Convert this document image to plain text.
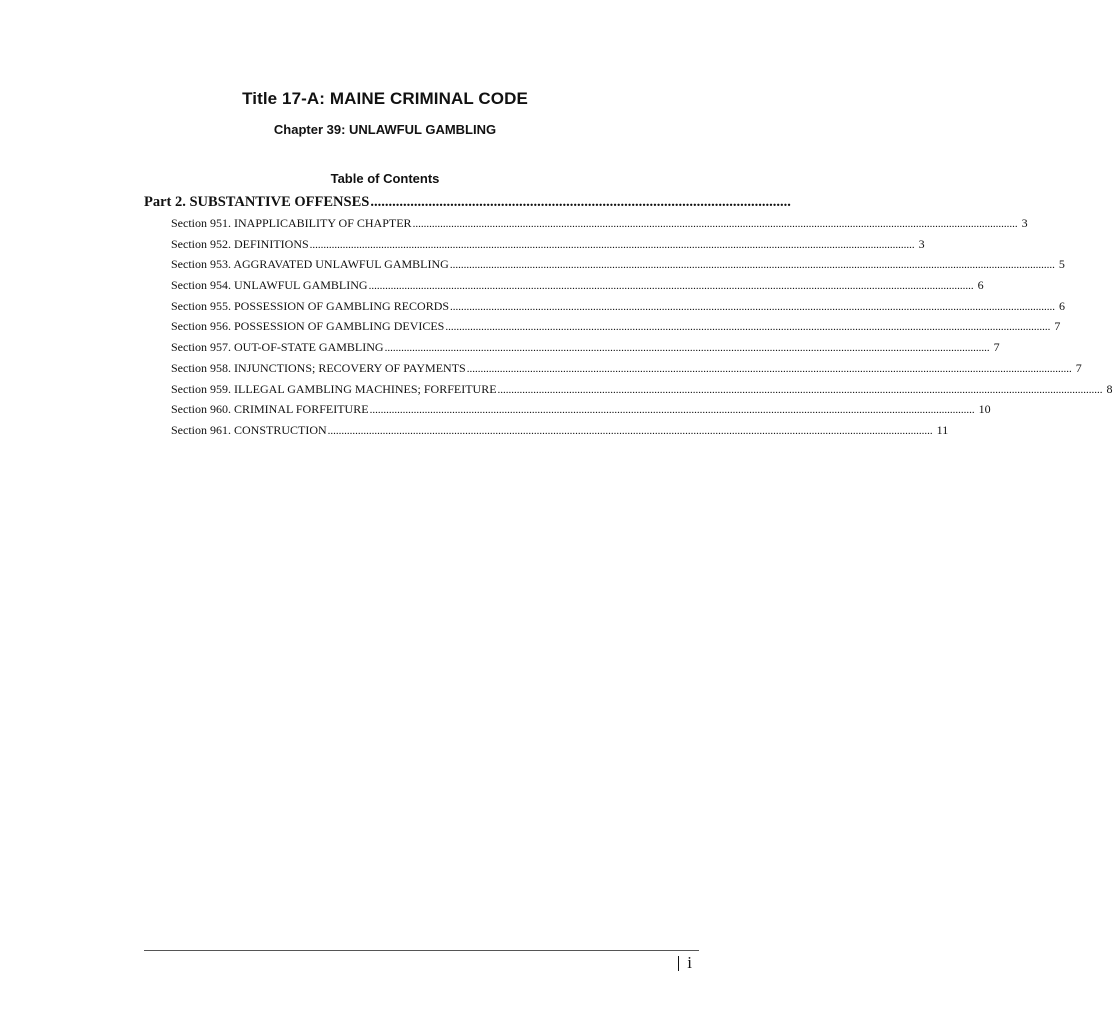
Title 17-A: MAINE CRIMINAL CODE
Chapter 39: UNLAWFUL GAMBLING
Table of Contents
Part 2. SUBSTANTIVE OFFENSES ....................................................................................................................
Section 951. INAPPLICABILITY OF CHAPTER ............................................................................................................................................................................................................................ 3
Section 952. DEFINITIONS ............................................................................................................................................................................................................................ 3
Section 953. AGGRAVATED UNLAWFUL GAMBLING ............................................................................................................................................................................................................................ 5
Section 954. UNLAWFUL GAMBLING ............................................................................................................................................................................................................................ 6
Section 955. POSSESSION OF GAMBLING RECORDS ............................................................................................................................................................................................................................ 6
Section 956. POSSESSION OF GAMBLING DEVICES ............................................................................................................................................................................................................................ 7
Section 957. OUT-OF-STATE GAMBLING ............................................................................................................................................................................................................................ 7
Section 958. INJUNCTIONS; RECOVERY OF PAYMENTS ............................................................................................................................................................................................................................ 7
Section 959. ILLEGAL GAMBLING MACHINES; FORFEITURE ............................................................................................................................................................................................................................ 8
Section 960. CRIMINAL FORFEITURE ............................................................................................................................................................................................................................ 10
Section 961. CONSTRUCTION ............................................................................................................................................................................................................................ 11
i
